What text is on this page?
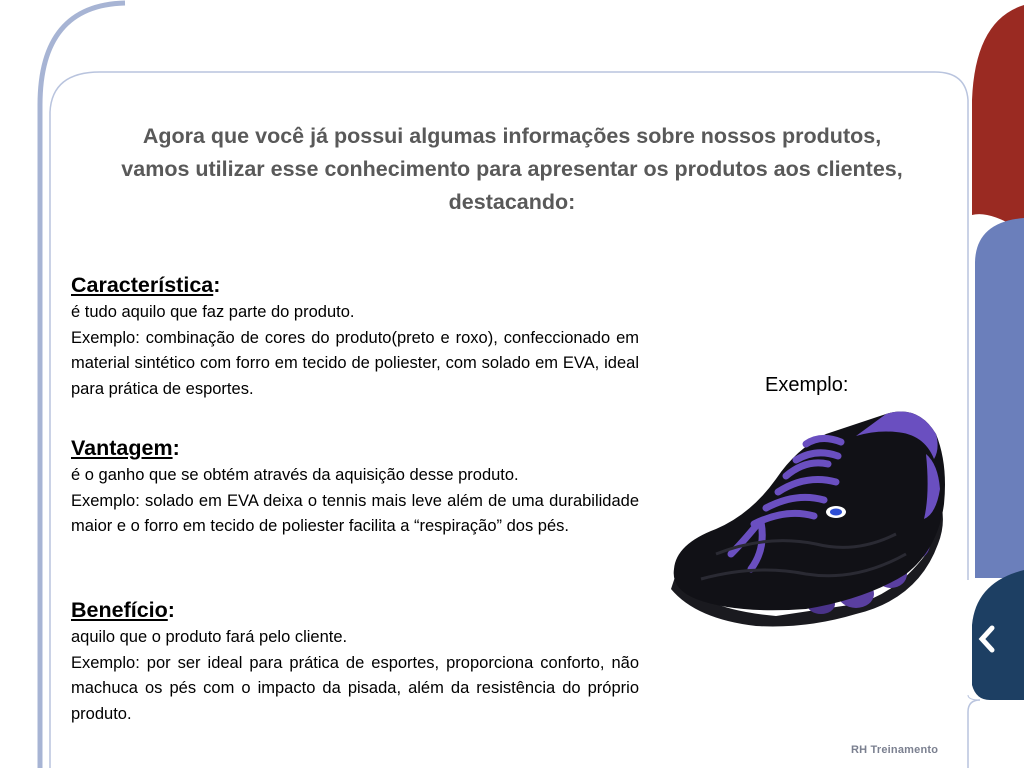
Agora que você já possui algumas informações sobre nossos produtos,
vamos utilizar esse conhecimento para apresentar os produtos aos clientes,
destacando:

Característica:

é tudo aquilo que faz parte do produto.

Exemplo: combinação de cores do produto(preto e roxo), confeccionado em material sintético com forro em tecido de poliester, com solado em EVA, ideal para prática de esportes.

Vantagem:

é o ganho que se obtém através da aquisição desse produto.

Exemplo: solado em EVA deixa o tennis mais leve além de uma durabilidade maior e o forro em tecido de poliester facilita a “respiração” dos pés.

Benefício:

aquilo que o produto fará pelo cliente.

Exemplo: por ser ideal para prática de esportes, proporciona conforto, não machuca os pés com o impacto da pisada, além da resistência do próprio produto.

Exemplo:
RH Treinamento
